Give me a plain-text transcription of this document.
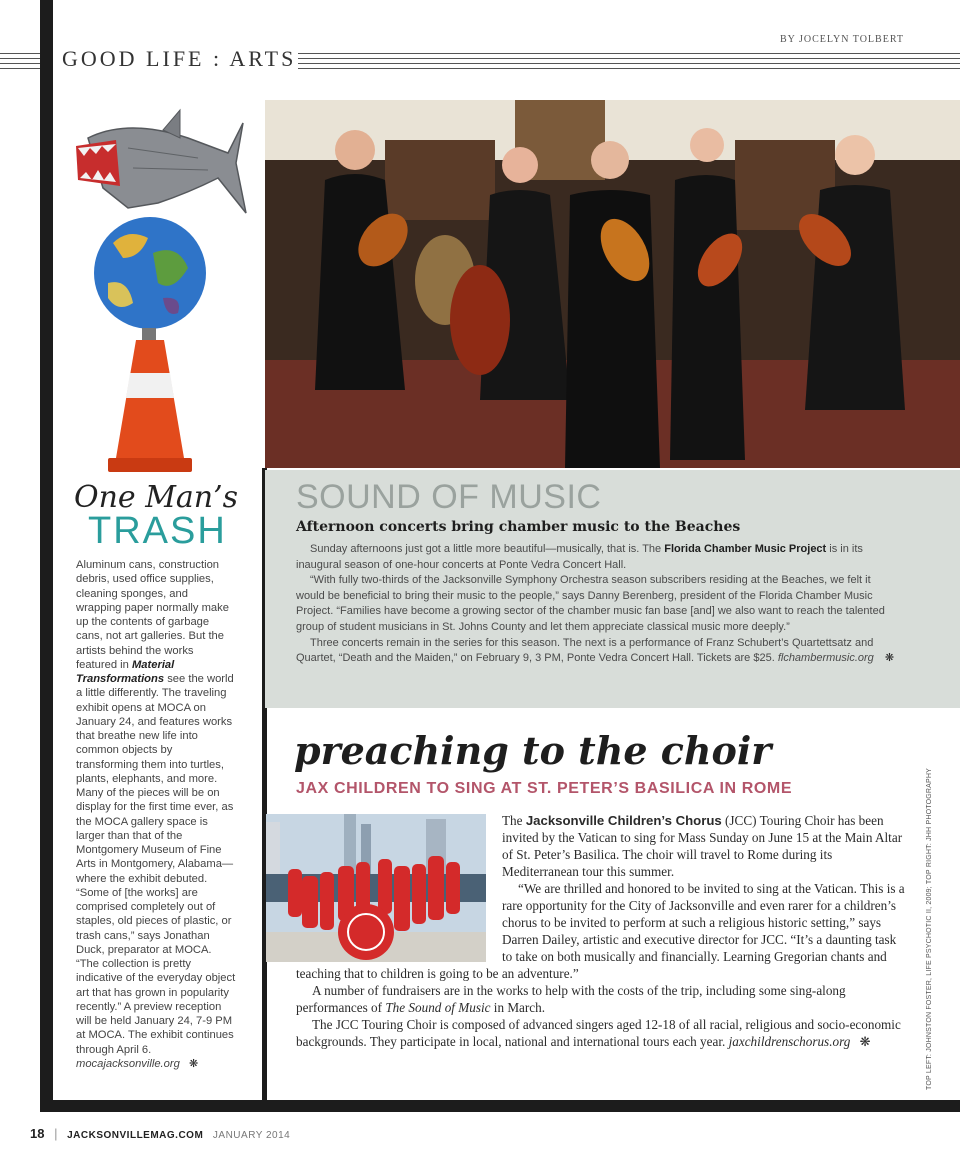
GOOD LIFE : ARTS
BY JOCELYN TOLBERT
One Man’s
TRASH
Aluminum cans, construction debris, used office supplies, cleaning sponges, and wrapping paper normally make up the contents of garbage cans, not art galleries. But the artists behind the works featured in Material Transformations see the world a little differently. The traveling exhibit opens at MOCA on January 24, and features works that breathe new life into common objects by transforming them into turtles, plants, elephants, and more. Many of the pieces will be on display for the first time ever, as the MOCA gallery space is larger than that of the Montgomery Museum of Fine Arts in Montgomery, Alabama—where the exhibit debuted. “Some of [the works] are comprised completely out of staples, old pieces of plastic, or trash cans,” says Jonathan Duck, preparator at MOCA. “The collection is pretty indicative of the everyday object art that has grown in popularity recently.” A preview reception will be held January 24, 7-9 PM at MOCA. The exhibit continues through April 6. mocajacksonville.org ❋
SOUND OF MUSIC
Afternoon concerts bring chamber music to the Beaches

Sunday afternoons just got a little more beautiful—musically, that is. The Florida Chamber Music Project is in its inaugural season of one-hour concerts at Ponte Vedra Concert Hall.

“With fully two-thirds of the Jacksonville Symphony Orchestra season subscribers residing at the Beaches, we felt it would be beneficial to bring their music to the people,” says Danny Berenberg, president of the Florida Chamber Music Project. “Families have become a growing sector of the chamber music fan base [and] we also want to reach the talented group of student musicians in St. Johns County and let them appreciate classical music more deeply.”

Three concerts remain in the series for this season. The next is a performance of Franz Schubert’s Quartettsatz and Quartet, “Death and the Maiden,” on February 9, 3 PM, Ponte Vedra Concert Hall. Tickets are $25. flchambermusic.org ❋

preaching to the choir
JAX CHILDREN TO SING AT ST. PETER’S BASILICA IN ROME

The Jacksonville Children’s Chorus (JCC) Touring Choir has been invited by the Vatican to sing for Mass Sunday on June 15 at the Main Altar of St. Peter’s Basilica. The choir will travel to Rome during its Mediterranean tour this summer.

“We are thrilled and honored to be invited to sing at the Vatican. This is a rare opportunity for the City of Jacksonville and even rarer for a children’s chorus to be invited to perform at such a religious historic setting,” says Darren Dailey, artistic and executive director for JCC. “It’s a daunting task to take on both musically and financially. Learning Gregorian chants and teaching that to children is going to be an adventure.”

A number of fundraisers are in the works to help with the costs of the trip, including some sing-along performances of The Sound of Music in March.

The JCC Touring Choir is composed of advanced singers aged 12-18 of all racial, religious and socio-economic backgrounds. They participate in local, national and international tours each year. jaxchildrenschorus.org ❋	TOP LEFT: JOHNSTON FOSTER, LIFE PSYCHOTIC II, 2009; TOP RIGHT: JHH PHOTOGRAPHY
18 | JACKSONVILLEMAG.COM JANUARY 2014
